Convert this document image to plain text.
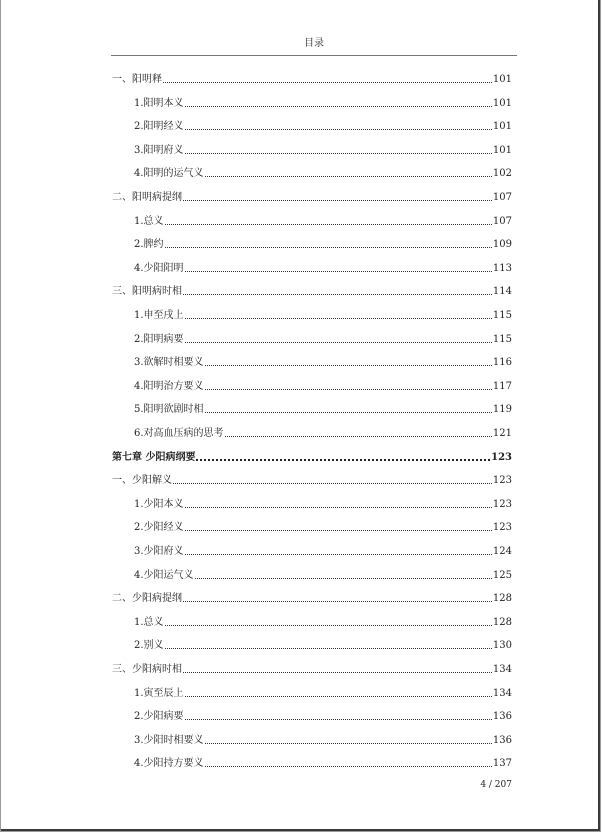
目录
一、阳明释	101
1.阳明本义	101
2.阳明经义	101
3.阳明府义	101
4.阳明的运气义	102
二、阳明病提纲	107
1.总义	107
2.脾约	109
4.少阳阳明	113
三、阳明病时相	114
1.申至戌上	115
2.阳明病要	115
3.欲解时相要义	116
4.阳明治方要义	117
5.阳明欲剧时相	119
6.对高血压病的思考	121
第七章 少阳病纲要	123
一、少阳解义	123
1.少阳本义	123
2.少阳经义	123
3.少阳府义	124
4.少阳运气义	125
二、少阳病提纲	128
1.总义	128
2.别义	130
三、少阳病时相	134
1.寅至辰上	134
2.少阳病要	136
3.少阳时相要义	136
4.少阳持方要义	137
4 / 207
